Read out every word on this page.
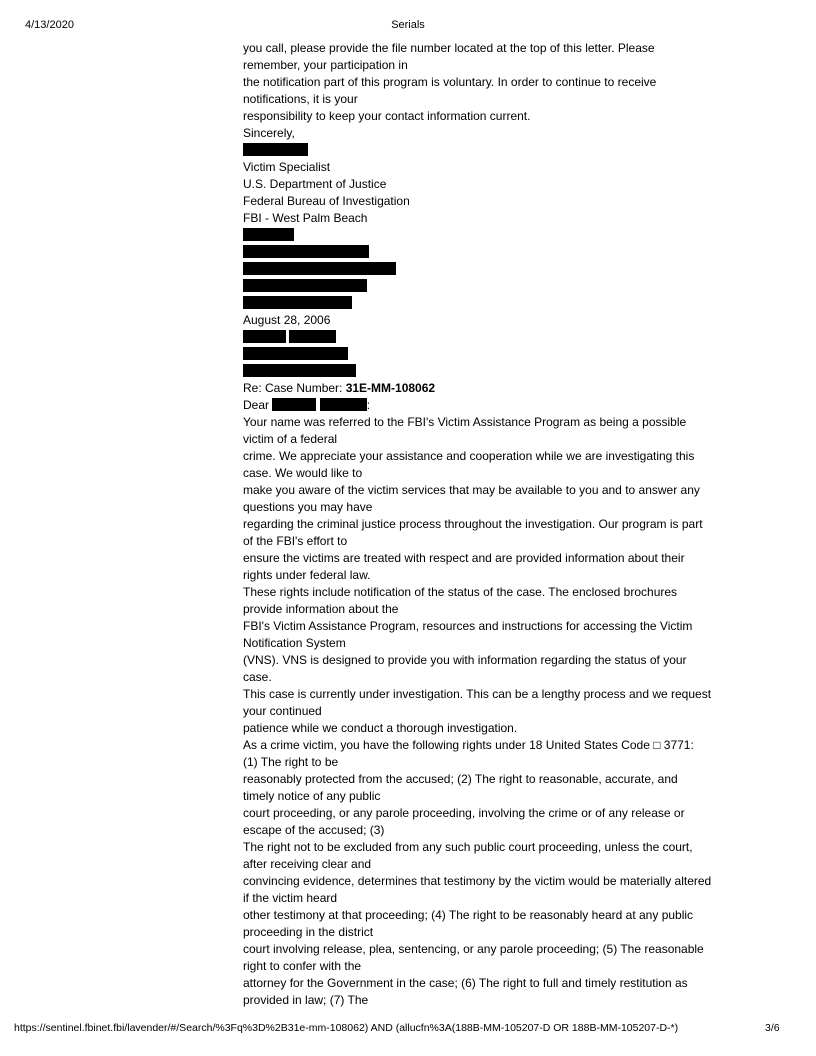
4/13/2020	Serials
you call, please provide the file number located at the top of this letter. Please
remember, your participation in
the notification part of this program is voluntary. In order to continue to receive
notifications, it is your
responsibility to keep your contact information current.
Sincerely,
Victim Specialist
U.S. Department of Justice
Federal Bureau of Investigation
FBI - West Palm Beach
August 28, 2006

Re: Case Number: 31E-MM-108062
Dear	:
Your name was referred to the FBI's Victim Assistance Program as being a possible
victim of a federal
crime. We appreciate your assistance and cooperation while we are investigating this
case. We would like to
make you aware of the victim services that may be available to you and to answer any
questions you may have
regarding the criminal justice process throughout the investigation. Our program is part
of the FBI's effort to
ensure the victims are treated with respect and are provided information about their
rights under federal law.
These rights include notification of the status of the case. The enclosed brochures
provide information about the
FBI's Victim Assistance Program, resources and instructions for accessing the Victim
Notification System
(VNS). VNS is designed to provide you with information regarding the status of your
case.
This case is currently under investigation. This can be a lengthy process and we request
your continued
patience while we conduct a thorough investigation.
As a crime victim, you have the following rights under 18 United States Code □ 3771:
(1) The right to be
reasonably protected from the accused; (2) The right to reasonable, accurate, and
timely notice of any public
court proceeding, or any parole proceeding, involving the crime or of any release or
escape of the accused; (3)
The right not to be excluded from any such public court proceeding, unless the court,
after receiving clear and
convincing evidence, determines that testimony by the victim would be materially altered
if the victim heard
other testimony at that proceeding; (4) The right to be reasonably heard at any public
proceeding in the district
court involving release, plea, sentencing, or any parole proceeding; (5) The reasonable
right to confer with the
attorney for the Government in the case; (6) The right to full and timely restitution as
provided in law; (7) The
https://sentinel.fbinet.fbi/lavender/#/Search/%3Fq%3D%2B31e-mm-108062) AND (allucfn%3A(188B-MM-105207-D OR 188B-MM-105207-D-*)	3/6
